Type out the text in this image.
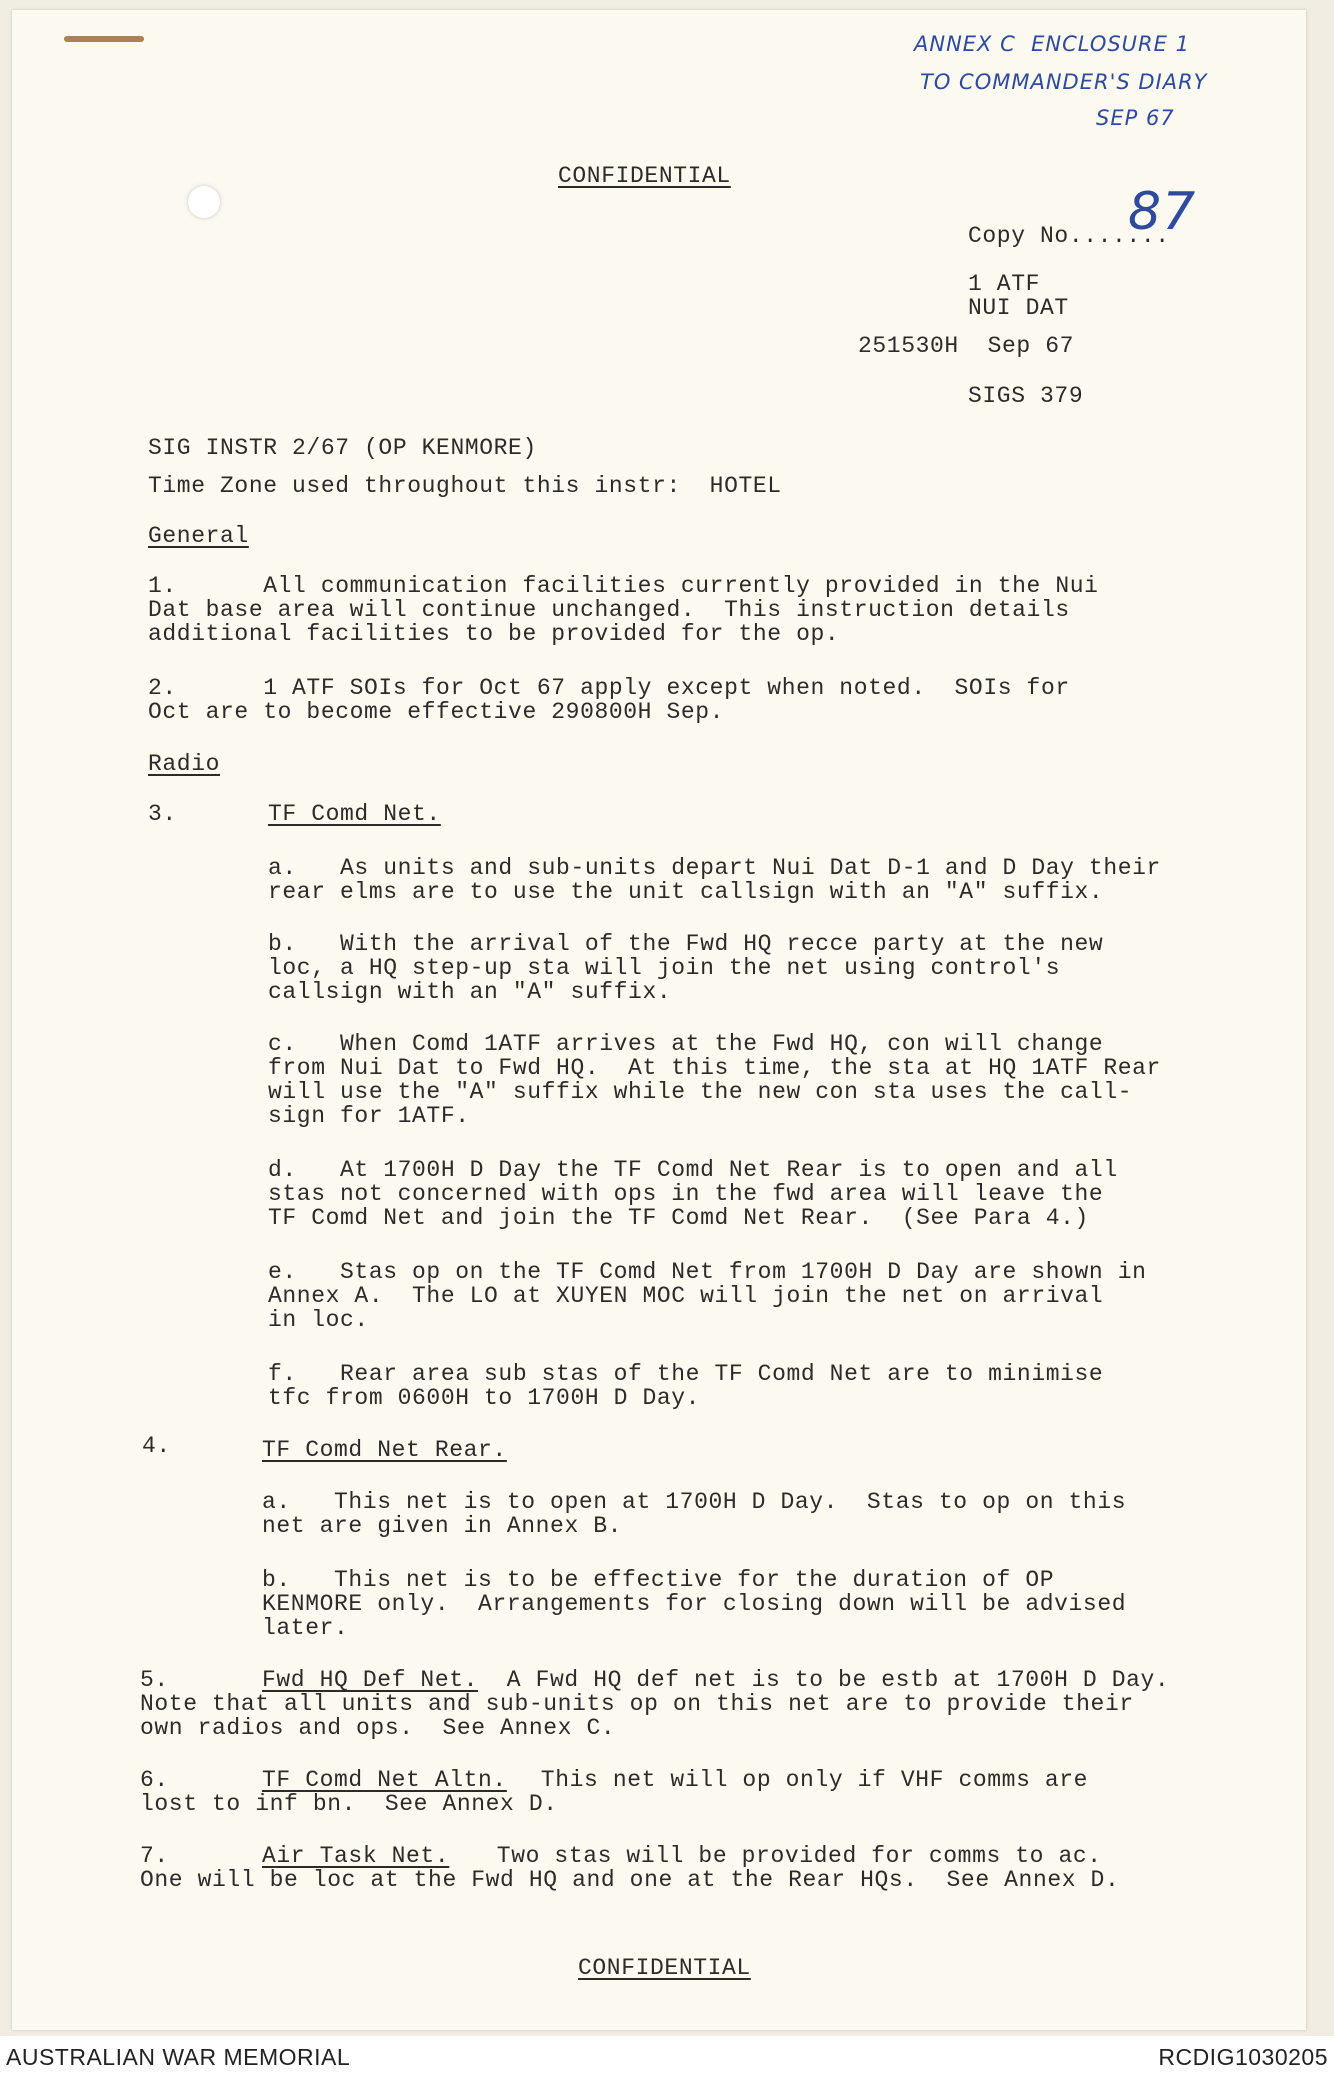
ANNEX C  ENCLOSURE 1
TO COMMANDER'S DIARY
SEP 67
87
CONFIDENTIAL
Copy No.......
1 ATF
NUI DAT
251530H  Sep 67
SIGS 379
SIG INSTR 2/67 (OP KENMORE)
Time Zone used throughout this instr:  HOTEL
General
1.      All communication facilities currently provided in the Nui
Dat base area will continue unchanged.  This instruction details
additional facilities to be provided for the op.
2.      1 ATF SOIs for Oct 67 apply except when noted.  SOIs for
Oct are to become effective 290800H Sep.
Radio
3.	TF Comd Net.
a.   As units and sub-units depart Nui Dat D-1 and D Day their
rear elms are to use the unit callsign with an "A" suffix.
b.   With the arrival of the Fwd HQ recce party at the new
loc, a HQ step-up sta will join the net using control's
callsign with an "A" suffix.
c.   When Comd 1ATF arrives at the Fwd HQ, con will change
from Nui Dat to Fwd HQ.  At this time, the sta at HQ 1ATF Rear
will use the "A" suffix while the new con sta uses the call-
sign for 1ATF.
d.   At 1700H D Day the TF Comd Net Rear is to open and all
stas not concerned with ops in the fwd area will leave the
TF Comd Net and join the TF Comd Net Rear.  (See Para 4.)
e.   Stas op on the TF Comd Net from 1700H D Day are shown in
Annex A.  The LO at XUYEN MOC will join the net on arrival
in loc.
f.   Rear area sub stas of the TF Comd Net are to minimise
tfc from 0600H to 1700H D Day.
4.	TF Comd Net Rear.
a.   This net is to open at 1700H D Day.  Stas to op on this
net are given in Annex B.
b.   This net is to be effective for the duration of OP
KENMORE only.  Arrangements for closing down will be advised
later.
5.	Fwd HQ Def Net. A Fwd HQ def net is to be estb at 1700H D Day.
Note that all units and sub-units op on this net are to provide their
own radios and ops.  See Annex C.
6.	TF Comd Net Altn. This net will op only if VHF comms are
lost to inf bn.  See Annex D.
7.	Air Task Net. Two stas will be provided for comms to ac.
One will be loc at the Fwd HQ and one at the Rear HQs.  See Annex D.
CONFIDENTIAL
AUSTRALIAN WAR MEMORIAL	RCDIG1030205
